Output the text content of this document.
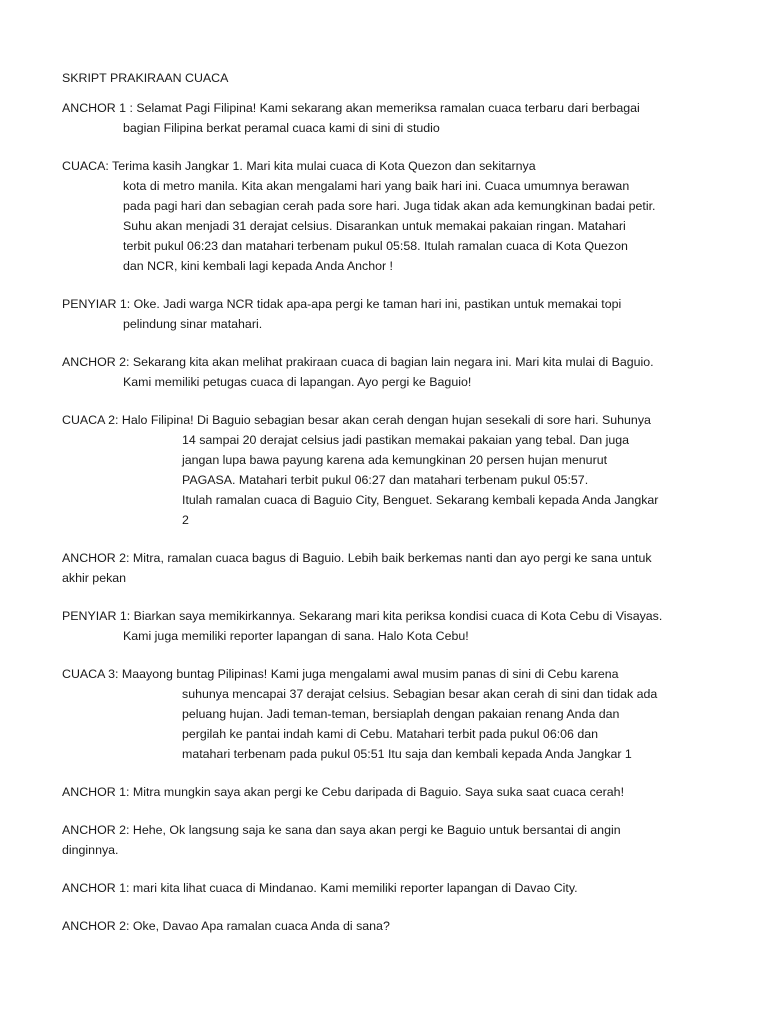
SKRIPT PRAKIRAAN CUACA

ANCHOR 1 : Selamat Pagi Filipina! Kami sekarang akan memeriksa ramalan cuaca terbaru dari berbagai

bagian Filipina berkat peramal cuaca kami di sini di studio

CUACA: Terima kasih Jangkar 1. Mari kita mulai cuaca di Kota Quezon dan sekitarnya

kota di metro manila. Kita akan mengalami hari yang baik hari ini. Cuaca umumnya berawan

pada pagi hari dan sebagian cerah pada sore hari. Juga tidak akan ada kemungkinan badai petir.

Suhu akan menjadi 31 derajat celsius. Disarankan untuk memakai pakaian ringan. Matahari

terbit pukul 06:23 dan matahari terbenam pukul 05:58. Itulah ramalan cuaca di Kota Quezon

dan NCR, kini kembali lagi kepada Anda Anchor !

PENYIAR 1: Oke. Jadi warga NCR tidak apa-apa pergi ke taman hari ini, pastikan untuk memakai topi

pelindung sinar matahari.

ANCHOR 2: Sekarang kita akan melihat prakiraan cuaca di bagian lain negara ini. Mari kita mulai di Baguio.

Kami memiliki petugas cuaca di lapangan. Ayo pergi ke Baguio!

CUACA 2: Halo Filipina! Di Baguio sebagian besar akan cerah dengan hujan sesekali di sore hari. Suhunya

14 sampai 20 derajat celsius jadi pastikan memakai pakaian yang tebal. Dan juga

jangan lupa bawa payung karena ada kemungkinan 20 persen hujan menurut

PAGASA. Matahari terbit pukul 06:27 dan matahari terbenam pukul 05:57.

Itulah ramalan cuaca di Baguio City, Benguet. Sekarang kembali kepada Anda Jangkar

2

ANCHOR 2: Mitra, ramalan cuaca bagus di Baguio. Lebih baik berkemas nanti dan ayo pergi ke sana untuk

akhir pekan

PENYIAR 1: Biarkan saya memikirkannya. Sekarang mari kita periksa kondisi cuaca di Kota Cebu di Visayas.

Kami juga memiliki reporter lapangan di sana. Halo Kota Cebu!

CUACA 3: Maayong buntag Pilipinas! Kami juga mengalami awal musim panas di sini di Cebu karena

suhunya mencapai 37 derajat celsius. Sebagian besar akan cerah di sini dan tidak ada

peluang hujan. Jadi teman-teman, bersiaplah dengan pakaian renang Anda dan

pergilah ke pantai indah kami di Cebu. Matahari terbit pada pukul 06:06 dan

matahari terbenam pada pukul 05:51 Itu saja dan kembali kepada Anda Jangkar 1

ANCHOR 1: Mitra mungkin saya akan pergi ke Cebu daripada di Baguio. Saya suka saat cuaca cerah!

ANCHOR 2: Hehe, Ok langsung saja ke sana dan saya akan pergi ke Baguio untuk bersantai di angin

dinginnya.

ANCHOR 1: mari kita lihat cuaca di Mindanao. Kami memiliki reporter lapangan di Davao City.

ANCHOR 2: Oke, Davao Apa ramalan cuaca Anda di sana?
